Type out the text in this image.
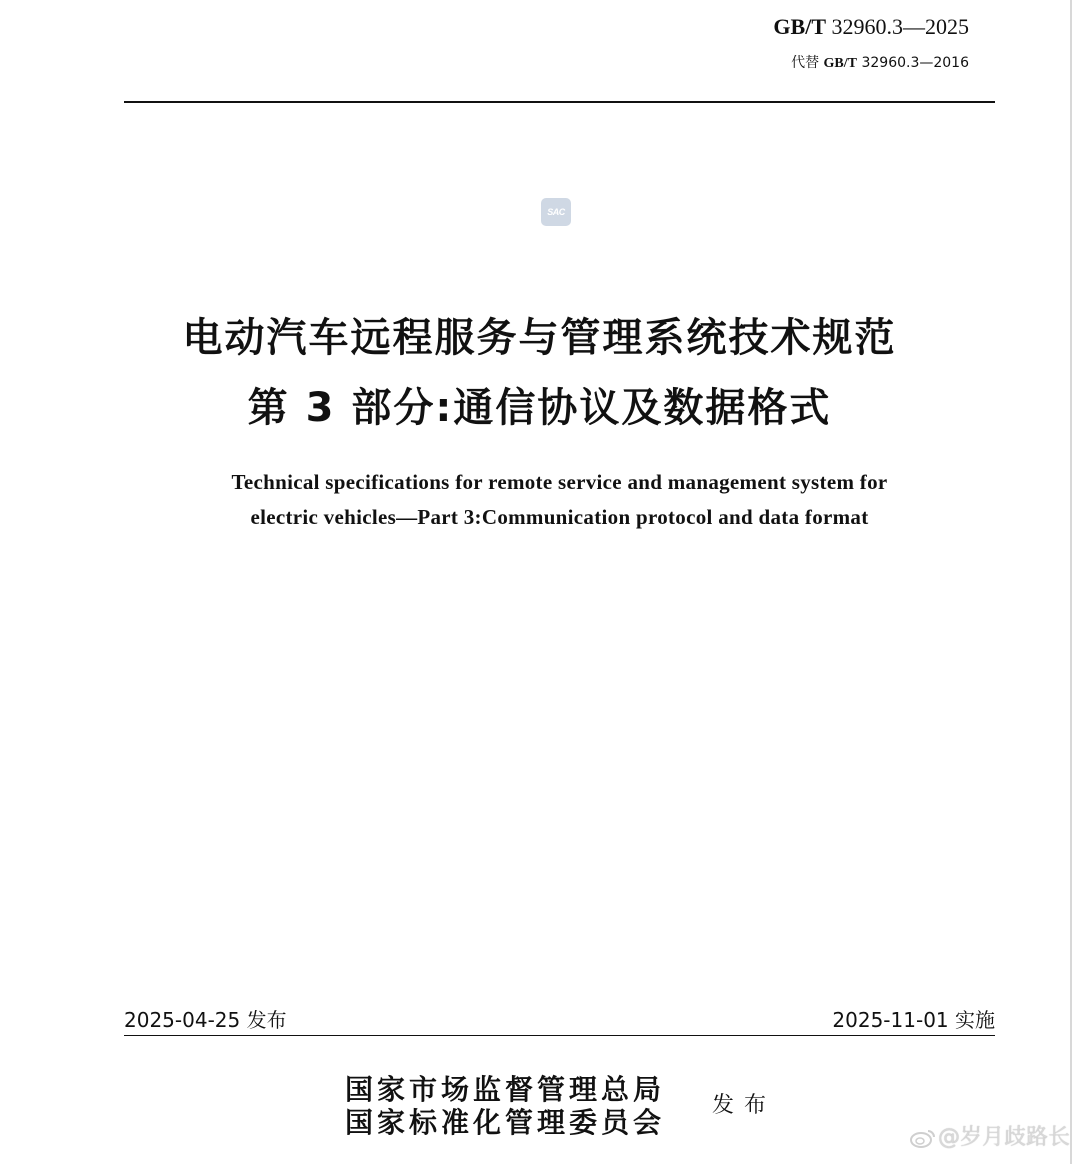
GB/T 32960.3—2025
代替 GB/T 32960.3—2016
SAC
电动汽车远程服务与管理系统技术规范
第 3 部分:通信协议及数据格式
Technical specifications for remote service and management system for
electric vehicles—Part 3:Communication protocol and data format
2025-04-25 发布	2025-11-01 实施
国家市场监督管理总局
国家标准化管理委员会
发布
@岁月歧路长
